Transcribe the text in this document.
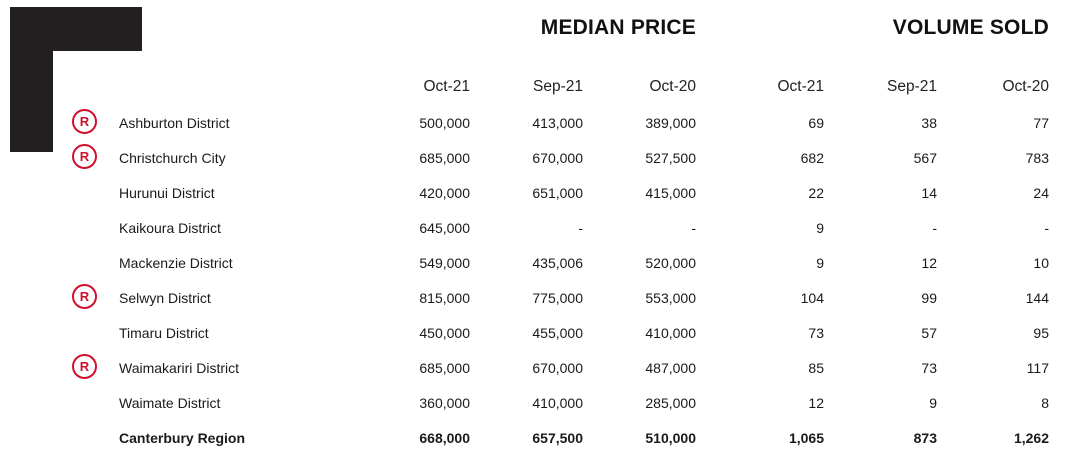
MEDIAN PRICE	VOLUME SOLD
Oct-21	Sep-21	Oct-20	Oct-21	Sep-21	Oct-20
R	Ashburton District	500,000	413,000	389,000	69	38	77
R	Christchurch City	685,000	670,000	527,500	682	567	783
Hurunui District	420,000	651,000	415,000	22	14	24
Kaikoura District	645,000	-	-	9	-	-
Mackenzie District	549,000	435,006	520,000	9	12	10
R	Selwyn District	815,000	775,000	553,000	104	99	144
Timaru District	450,000	455,000	410,000	73	57	95
R	Waimakariri District	685,000	670,000	487,000	85	73	117
Waimate District	360,000	410,000	285,000	12	9	8
Canterbury Region	668,000	657,500	510,000	1,065	873	1,262
